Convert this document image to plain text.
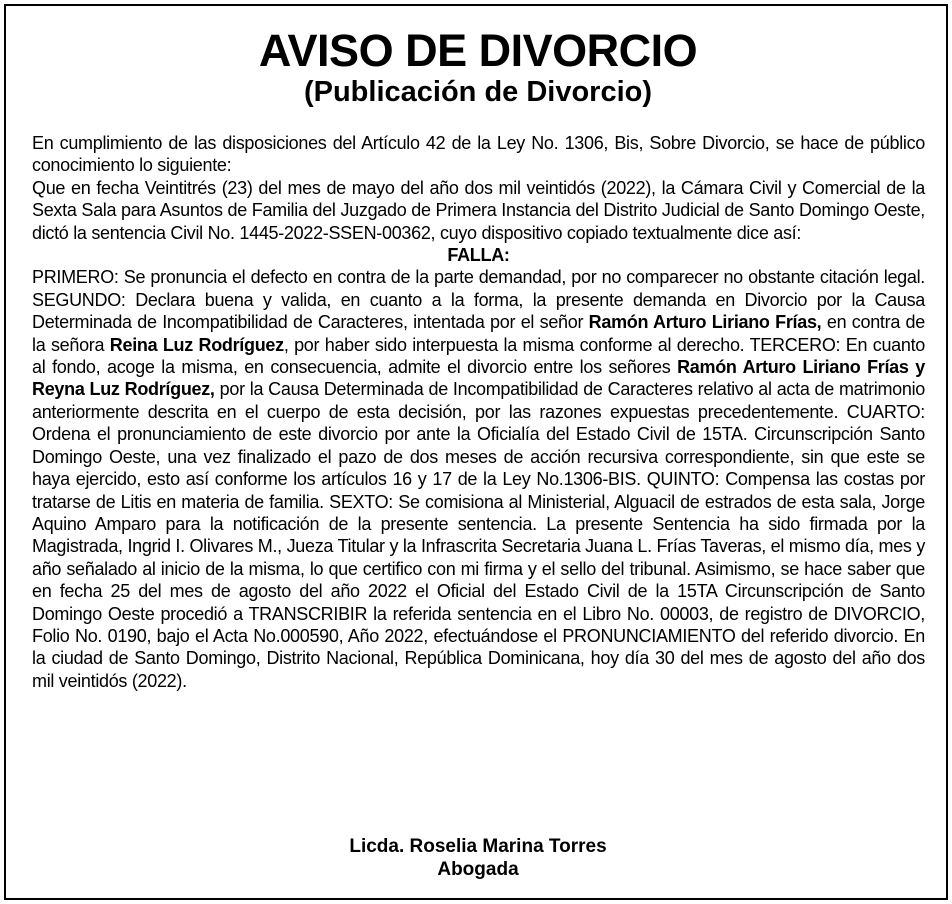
AVISO DE DIVORCIO
(Publicación de Divorcio)

En cumplimiento de las disposiciones del Artículo 42 de la Ley No. 1306, Bis, Sobre Divorcio, se hace de público conocimiento lo siguiente:

Que en fecha Veintitrés (23) del mes de mayo del año dos mil veintidós (2022), la Cámara Civil y Comercial de la Sexta Sala para Asuntos de Familia del Juzgado de Primera Instancia del Distrito Judicial de Santo Domingo Oeste, dictó la sentencia Civil No. 1445-2022-SSEN-00362, cuyo dispositivo copiado textualmente dice así:

FALLA:

PRIMERO: Se pronuncia el defecto en contra de la parte demandad, por no comparecer no obstante citación legal. SEGUNDO: Declara buena y valida, en cuanto a la forma, la presente demanda en Divorcio por la Causa Determinada de Incompatibilidad de Caracteres, intentada por el señor Ramón Arturo Liriano Frías, en contra de la señora Reina Luz Rodríguez, por haber sido interpuesta la misma conforme al derecho. TERCERO: En cuanto al fondo, acoge la misma, en consecuencia, admite el divorcio entre los señores Ramón Arturo Liriano Frías y Reyna Luz Rodríguez, por la Causa Determinada de Incompatibilidad de Caracteres relativo al acta de matrimonio anteriormente descrita en el cuerpo de esta decisión, por las razones expuestas precedentemente. CUARTO: Ordena el pronunciamiento de este divorcio por ante la Oficialía del Estado Civil de 15TA. Circunscripción Santo Domingo Oeste, una vez finalizado el pazo de dos meses de acción recursiva correspondiente, sin que este se haya ejercido, esto así conforme los artículos 16 y 17 de la Ley No.1306-BIS. QUINTO: Compensa las costas por tratarse de Litis en materia de familia. SEXTO: Se comisiona al Ministerial, Alguacil de estrados de esta sala, Jorge Aquino Amparo para la notificación de la presente sentencia. La presente Sentencia ha sido firmada por la Magistrada, Ingrid I. Olivares M., Jueza Titular y la Infrascrita Secretaria Juana L. Frías Taveras, el mismo día, mes y año señalado al inicio de la misma, lo que certifico con mi firma y el sello del tribunal. Asimismo, se hace saber que en fecha 25 del mes de agosto del año 2022 el Oficial del Estado Civil de la 15TA Circunscripción de Santo Domingo Oeste procedió a TRANSCRIBIR la referida sentencia en el Libro No. 00003, de registro de DIVORCIO, Folio No. 0190, bajo el Acta No.000590, Año 2022, efectuándose el PRONUNCIAMIENTO del referido divorcio. En la ciudad de Santo Domingo, Distrito Nacional, República Dominicana, hoy día 30 del mes de agosto del año dos mil veintidós (2022).

Licda. Roselia Marina Torres
Abogada
